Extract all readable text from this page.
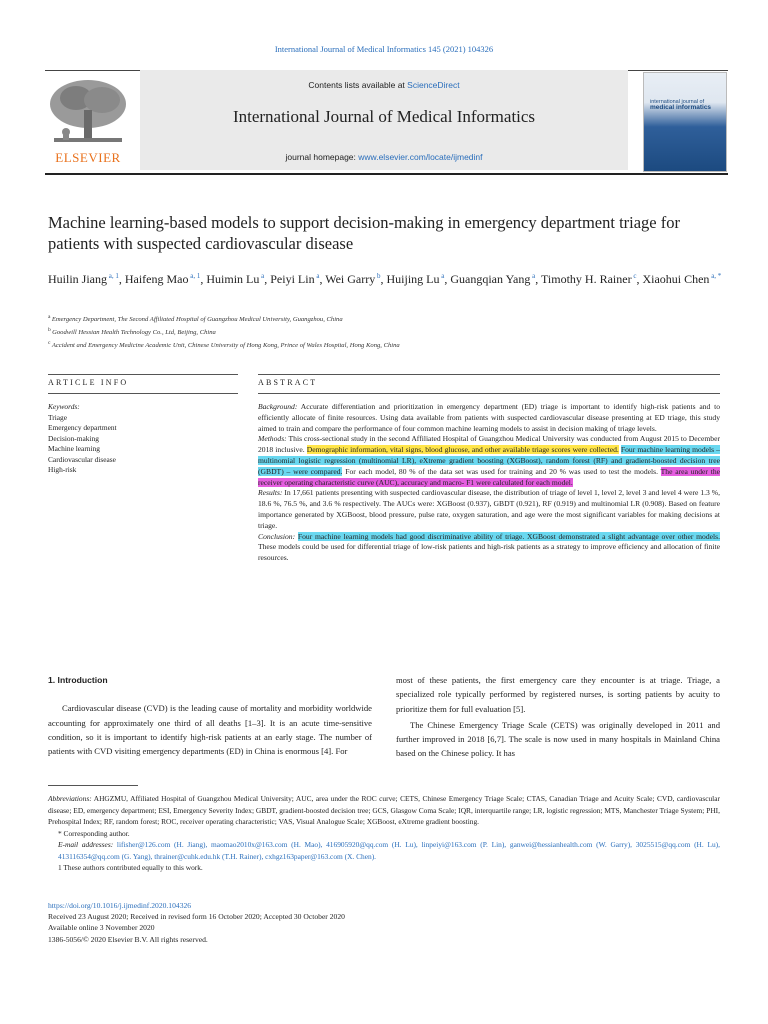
International Journal of Medical Informatics 145 (2021) 104326
ELSEVIER
Contents lists available at ScienceDirect
International Journal of Medical Informatics
journal homepage: www.elsevier.com/locate/ijmedinf
international journal of
medical informatics
Machine learning-based models to support decision-making in emergency department triage for patients with suspected cardiovascular disease
Huilin Jiang $^{a, 1}$, Haifeng Mao $^{a, 1}$, Huimin Lu $^a$, Peiyi Lin $^a$, Wei Garry $^b$, Huijing Lu $^a$, Guangqian Yang $^a$, Timothy H. Rainer $^c$, Xiaohui Chen $^{a, *}$
$^a$ Emergency Department, The Second Affiliated Hospital of Guangzhou Medical University, Guangzhou, China
$^b$ Goodwill Hessian Health Technology Co., Ltd, Beijing, China
$^c$ Accident and Emergency Medicine Academic Unit, Chinese University of Hong Kong, Prince of Wales Hospital, Hong Kong, China
ARTICLE INFO	ABSTRACT
Keywords:
Triage
Emergency department
Decision-making
Machine learning
Cardiovascular disease
High-risk
Background: Accurate differentiation and prioritization in emergency department (ED) triage is important to identify high-risk patients and to efficiently allocate of finite resources. Using data available from patients with suspected cardiovascular disease presenting at ED triage, this study aimed to train and compare the performance of four common machine learning models to assist in decision making of triage levels.
Methods: This cross-sectional study in the second Affiliated Hospital of Guangzhou Medical University was conducted from August 2015 to December 2018 inclusive. Demographic information, vital signs, blood glucose, and other available triage scores were collected. Four machine learning models – multinomial logistic regression (multinomial LR), eXtreme gradient boosting (XGBoost), random forest (RF) and gradient-boosted decision tree (GBDT) – were compared. For each model, 80 % of the data set was used for training and 20 % was used to test the models. The area under the receiver operating characteristic curve (AUC), accuracy and macro- F1 were calculated for each model.
Results: In 17,661 patients presenting with suspected cardiovascular disease, the distribution of triage of level 1, level 2, level 3 and level 4 were 1.3 %, 18.6 %, 76.5 %, and 3.6 % respectively. The AUCs were: XGBoost (0.937), GBDT (0.921), RF (0.919) and multinomial LR (0.908). Based on feature importance generated by XGBoost, blood pressure, pulse rate, oxygen saturation, and age were the most significant variables for making decisions at triage.
Conclusion: Four machine learning models had good discriminative ability of triage. XGBoost demonstrated a slight advantage over other models. These models could be used for differential triage of low-risk patients and high-risk patients as a strategy to improve efficiency and allocation of finite resources.
1. Introduction

Cardiovascular disease (CVD) is the leading cause of mortality and morbidity worldwide accounting for approximately one third of all deaths [1–3]. It is an acute time-sensitive condition, so it is important to identify high-risk patients at an early stage. The number of patients with CVD visiting emergency departments (ED) in China is enormous [4]. For

most of these patients, the first emergency care they encounter is at triage. Triage, a specialized role typically performed by registered nurses, is sorting patients by acuity to prioritize them for full evaluation [5].

The Chinese Emergency Triage Scale (CETS) was originally developed in 2011 and further improved in 2018 [6,7]. The scale is now used in many hospitals in Mainland China based on the Chinese policy. It has

Abbreviations: AHGZMU, Affiliated Hospital of Guangzhou Medical University; AUC, area under the ROC curve; CETS, Chinese Emergency Triage Scale; CTAS, Canadian Triage and Acuity Scale; CVD, cardiovascular disease; ED, emergency department; ESI, Emergency Severity Index; GBDT, gradient-boosted decision tree; GCS, Glasgow Coma Scale; IQR, interquartile range; LR, logistic regression; MTS, Manchester Triage System; PHI, Prehospital Index; RF, random forest; ROC, receiver operating characteristic; VAS, Visual Analogue Scale; XGBoost, eXtreme gradient boosting.
* Corresponding author.
E-mail addresses: lifisher@126.com (H. Jiang), maomao2010x@163.com (H. Mao), 416905920@qq.com (H. Lu), linpeiyi@163.com (P. Lin), ganwei@hessianhealth.com (W. Garry), 3025515@qq.com (H. Lu), 413116354@qq.com (G. Yang), thrainer@cuhk.edu.hk (T.H. Rainer), cxhgz163paper@163.com (X. Chen).
1 These authors contributed equally to this work.
https://doi.org/10.1016/j.ijmedinf.2020.104326
Received 23 August 2020; Received in revised form 16 October 2020; Accepted 30 October 2020
Available online 3 November 2020
1386-5056/© 2020 Elsevier B.V. All rights reserved.
